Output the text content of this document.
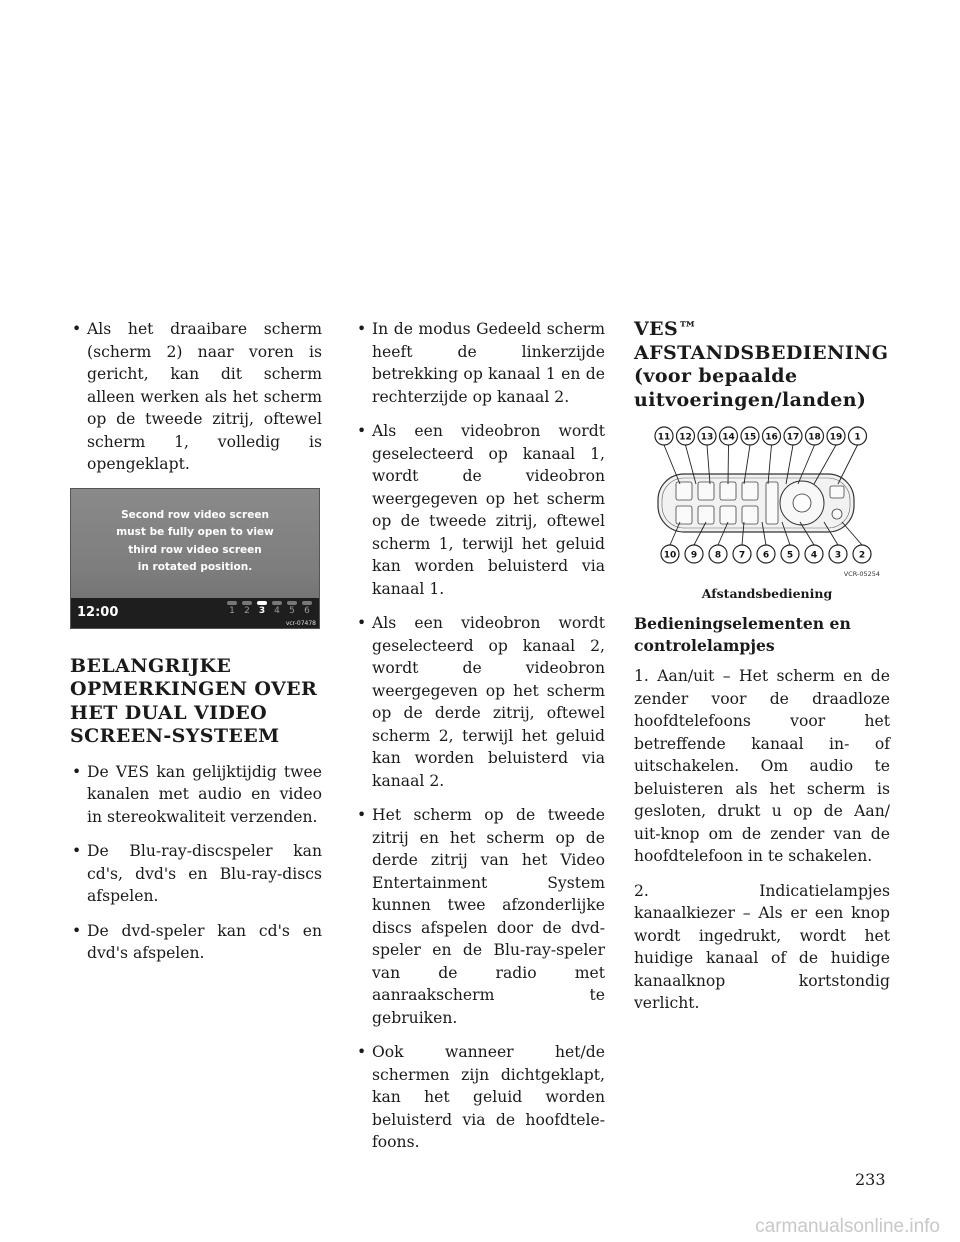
• Als het draaibare scherm (scherm 2) naar voren is gericht, kan dit scherm alleen werken als het scherm op de tweede zitrij, oftewel scherm 1, volledig is opengeklapt.
Second row video screen
must be fully open to view
third row video screen
in rotated position.
12:00	1	2	3	4	5	6
vcr-07478
BELANGRIJKE OPMERKINGEN OVER HET DUAL VIDEO SCREEN-SYSTEEM
• De VES kan gelijktijdig twee kanalen met audio en video in stereokwaliteit verzenden.
• De Blu-ray-discspeler kan cd's, dvd's en Blu-ray-discs afspelen.
• De dvd-speler kan cd's en dvd's afspelen.
• In de modus Gedeeld scherm heeft de linkerzijde betrekking op kanaal 1 en de rechterzijde op kanaal 2.
• Als een videobron wordt geselecteerd op kanaal 1, wordt de videobron weergegeven op het scherm op de tweede zitrij, oftewel scherm 1, terwijl het geluid kan worden beluisterd via kanaal 1.
• Als een videobron wordt geselecteerd op kanaal 2, wordt de videobron weergegeven op het scherm op de derde zitrij, oftewel scherm 2, terwijl het geluid kan worden beluisterd via kanaal 2.
• Het scherm op de tweede zitrij en het scherm op de derde zitrij van het Video Entertainment System kunnen twee afzonderlijke discs afspelen door de dvd-speler en de Blu-ray-speler van de radio met aanraakscherm te gebruiken.
• Ook wanneer het/de schermen zijn dichtgeklapt, kan het geluid worden beluisterd via de hoofdtelefoons.
VES™
AFSTANDSBEDIENING
(voor bepaalde
uitvoeringen/landen)
11 12 13 14 15 16 17 18 19 1
10 9 8 7 6 5 4 3 2
VCR-05254
Afstandsbediening
Bedieningselementen en controlelampjes

1. Aan/uit – Het scherm en de zender voor de draadloze hoofdtelefoons voor het betreffende kanaal in- of uitschakelen. Om audio te beluisteren als het scherm is gesloten, drukt u op de Aan/ uit-knop om de zender van de hoofdtelefoon in te schakelen.

2. Indicatielampjes kanaalkiezer – Als er een knop wordt ingedrukt, wordt het huidige kanaal of de huidige kanaalknop kortstondig verlicht.

233
carmanualsonline.info
